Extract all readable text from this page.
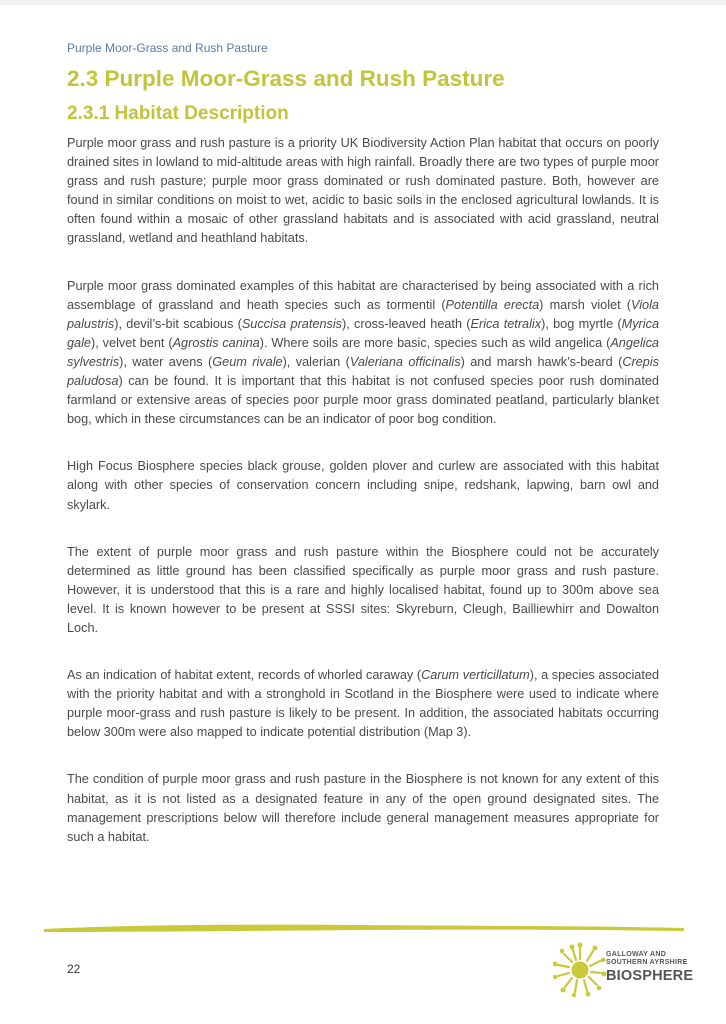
Purple Moor-Grass and Rush Pasture
2.3 Purple Moor-Grass and Rush Pasture
2.3.1 Habitat Description

Purple moor grass and rush pasture is a priority UK Biodiversity Action Plan habitat that occurs on poorly drained sites in lowland to mid-altitude areas with high rainfall. Broadly there are two types of purple moor grass and rush pasture; purple moor grass dominated or rush dominated pasture. Both, however are found in similar conditions on moist to wet, acidic to basic soils in the enclosed agricultural lowlands. It is often found within a mosaic of other grassland habitats and is associated with acid grassland, neutral grassland, wetland and heathland habitats.

Purple moor grass dominated examples of this habitat are characterised by being associated with a rich assemblage of grassland and heath species such as tormentil (Potentilla erecta) marsh violet (Viola palustris), devil’s-bit scabious (Succisa pratensis), cross-leaved heath (Erica tetralix), bog myrtle (Myrica gale), velvet bent (Agrostis canina). Where soils are more basic, species such as wild angelica (Angelica sylvestris), water avens (Geum rivale), valerian (Valeriana officinalis) and marsh hawk’s-beard (Crepis paludosa) can be found. It is important that this habitat is not confused species poor rush dominated farmland or extensive areas of species poor purple moor grass dominated peatland, particularly blanket bog, which in these circumstances can be an indicator of poor bog condition.

High Focus Biosphere species black grouse, golden plover and curlew are associated with this habitat along with other species of conservation concern including snipe, redshank, lapwing, barn owl and skylark.

The extent of purple moor grass and rush pasture within the Biosphere could not be accurately determined as little ground has been classified specifically as purple moor grass and rush pasture. However, it is understood that this is a rare and highly localised habitat, found up to 300m above sea level. It is known however to be present at SSSI sites: Skyreburn, Cleugh, Bailliewhirr and Dowalton Loch.

As an indication of habitat extent, records of whorled caraway (Carum verticillatum), a species associated with the priority habitat and with a stronghold in Scotland in the Biosphere were used to indicate where purple moor-grass and rush pasture is likely to be present. In addition, the associated habitats occurring below 300m were also mapped to indicate potential distribution (Map 3).

The condition of purple moor grass and rush pasture in the Biosphere is not known for any extent of this habitat, as it is not listed as a designated feature in any of the open ground designated sites. The management prescriptions below will therefore include general management measures appropriate for such a habitat.

22
GALLOWAY AND
SOUTHERN AYRSHIRE
BIOSPHERE
